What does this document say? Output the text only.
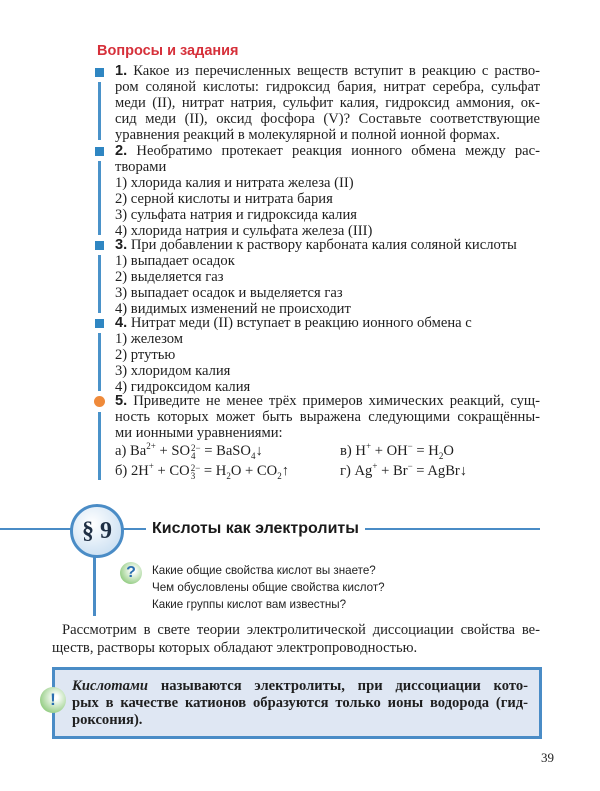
Вопросы и задания
1. Какое из перечисленных веществ вступит в реакцию с раство-
ром соляной кислоты: гидроксид бария, нитрат серебра, сульфат
меди (II), нитрат натрия, сульфит калия, гидроксид аммония, ок-
сид меди (II), оксид фосфора (V)? Составьте соответствующие
уравнения реакций в молекулярной и полной ионной формах.
2. Необратимо протекает реакция ионного обмена между рас-
творами
1) хлорида калия и нитрата железа (II)
2) серной кислоты и нитрата бария
3) сульфата натрия и гидроксида калия
4) хлорида натрия и сульфата железа (III)
3. При добавлении к раствору карбоната калия соляной кислоты
1) выпадает осадок
2) выделяется газ
3) выпадает осадок и выделяется газ
4) видимых изменений не происходит
4. Нитрат меди (II) вступает в реакцию ионного обмена с
1) железом
2) ртутью
3) хлоридом калия
4) гидроксидом калия
5. Приведите не менее трёх примеров химических реакций, сущ-
ность которых может быть выражена следующими сокращённы-
ми ионными уравнениями:
а) $Ba^{2+}$ + SO 2−
4 = BaSO$_4$↓
б) 2H+ + CO 2−
$3 = H_2O$ + $CO_2↑$
в) $H^+ + OH^- = H_2O$
г) Ag+ + Br− = AgBr↓
§ 9	Кислоты как электролиты
?	Какие общие свойства кислот вы знаете?
Чем обусловлены общие свойства кислот?
Какие группы кислот вам известны?
Рассмотрим в свете теории электролитической диссоциации свойства ве-
ществ, растворы которых обладают электропроводностью.
!
Кислотами называются электролиты, при диссоциации кото-
рых в качестве катионов образуются только ионы водорода (гид-
роксония).
39
